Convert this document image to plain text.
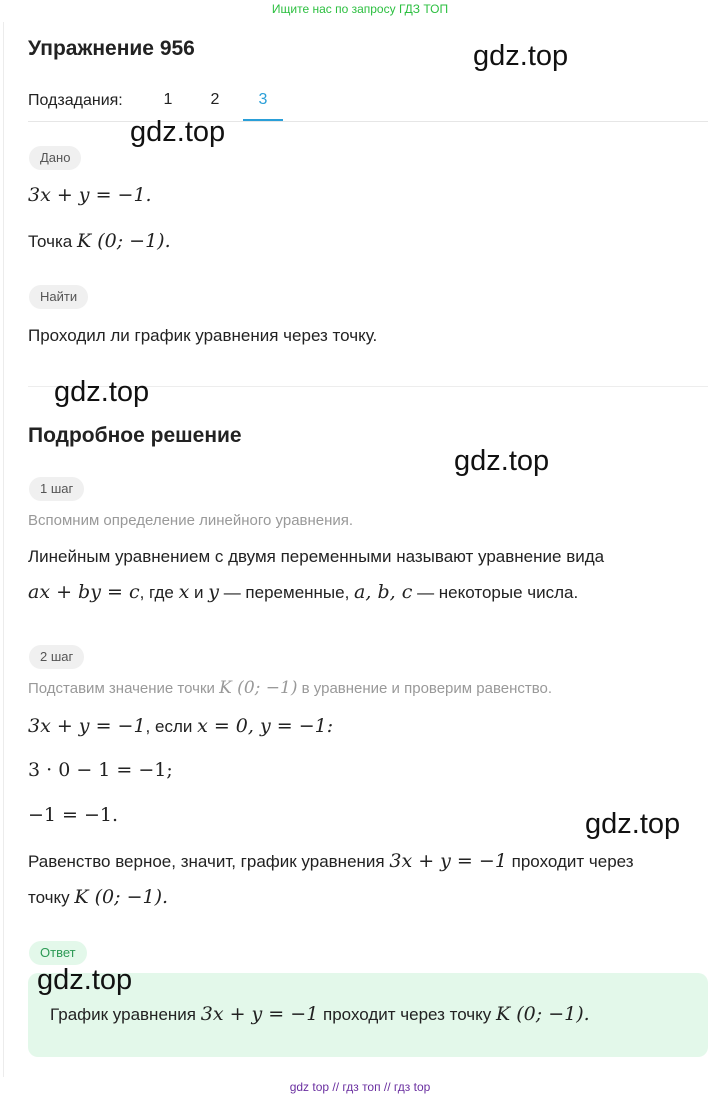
Ищите нас по запросу ГДЗ ТОП
Упражнение 956
Подзадания:	1	2	3
Дано
3x + y = −1.
Точка K (0; −1).
Найти
Проходил ли график уравнения через точку.
Подробное решение
1 шаг
Вспомним определение линейного уравнения.
Линейным уравнением с двумя переменными называют уравнение вида
ax + by = c, где x и y — переменные, a, b, c — некоторые числа.
2 шаг
Подставим значение точки K (0; −1) в уравнение и проверим равенство.
3x + y = −1, если x = 0, y = −1:
3 · 0 − 1 = −1;
−1 = −1.
Равенство верное, значит, график уравнения 3x + y = −1 проходит через
точку K (0; −1).
Ответ
График уравнения 3x + y = −1 проходит через точку K (0; −1).
gdz.top
gdz.top
gdz.top
gdz.top
gdz.top
gdz.top
gdz top // гдз топ // гдз top
